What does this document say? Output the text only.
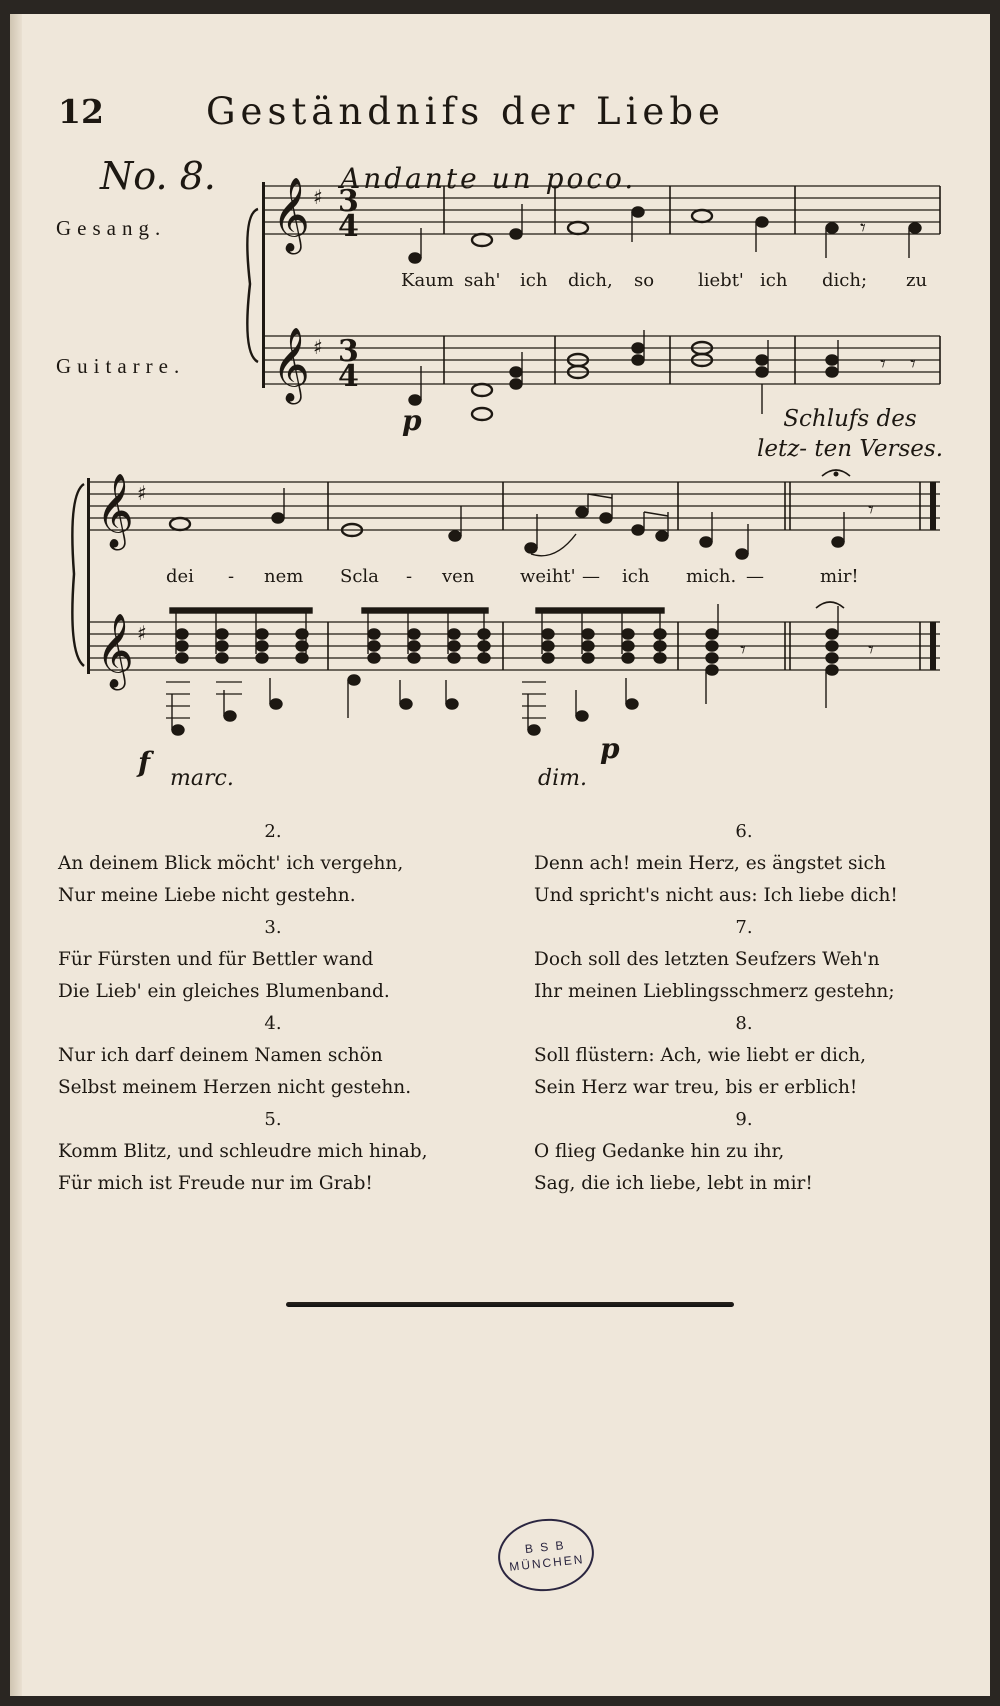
12	Geständnifs der Liebe
No. 8.
Gesang.
Guitarre.
Andante un poco.
Schlufs des letz- ten Verses.
𝄞
𝄞
𝄞
𝄞
♯
♯
♯
♯
3
4
3
4
𝄾
𝄾 𝄾
𝄾	𝄾
𝄾
Kaum sah' ich dich, so liebt' ich dich; zu
dei - nem Scla - ven	weiht' — ich mich. —	mir!
p
f marc.	dim.
p
2.
An deinem Blick möcht' ich vergehn,
Nur meine Liebe nicht gestehn.
3.
Für Fürsten und für Bettler wand
Die Lieb' ein gleiches Blumenband.
4.
Nur ich darf deinem Namen schön
Selbst meinem Herzen nicht gestehn.
5.
Komm Blitz, und schleudre mich hinab,
Für mich ist Freude nur im Grab!
6.
Denn ach! mein Herz, es ängstet sich
Und spricht's nicht aus: Ich liebe dich!
7.
Doch soll des letzten Seufzers Weh'n
Ihr meinen Lieblingsschmerz gestehn;
8.
Soll flüstern: Ach, wie liebt er dich,
Sein Herz war treu, bis er erblich!
9.
O flieg Gedanke hin zu ihr,
Sag, die ich liebe, lebt in mir!
B S B
MÜNCHEN
